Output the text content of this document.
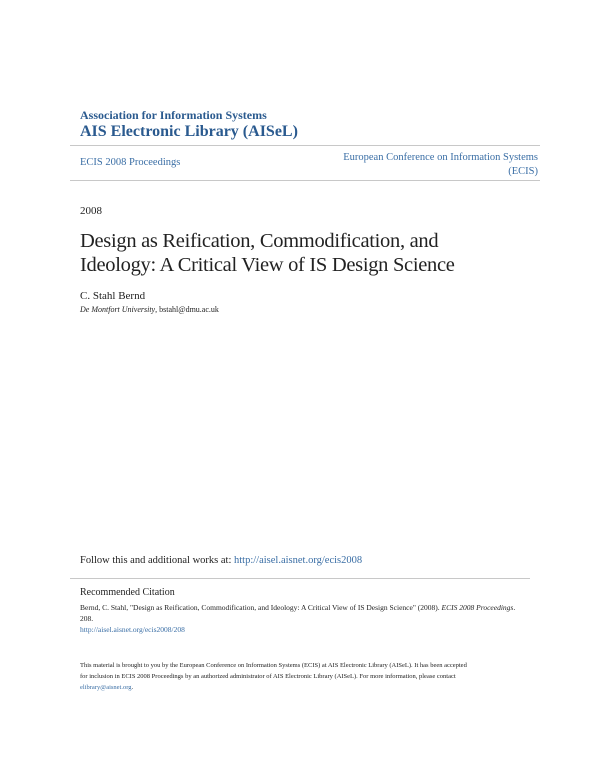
Association for Information Systems
AIS Electronic Library (AISeL)
ECIS 2008 Proceedings	European Conference on Information Systems
(ECIS)
2008
Design as Reification, Commodification, and
Ideology: A Critical View of IS Design Science
C. Stahl Bernd
De Montfort University, bstahl@dmu.ac.uk
Follow this and additional works at: http://aisel.aisnet.org/ecis2008
Recommended Citation
Bernd, C. Stahl, "Design as Reification, Commodification, and Ideology: A Critical View of IS Design Science" (2008). ECIS 2008 Proceedings. 208.
http://aisel.aisnet.org/ecis2008/208
This material is brought to you by the European Conference on Information Systems (ECIS) at AIS Electronic Library (AISeL). It has been accepted
for inclusion in ECIS 2008 Proceedings by an authorized administrator of AIS Electronic Library (AISeL). For more information, please contact
elibrary@aisnet.org.
